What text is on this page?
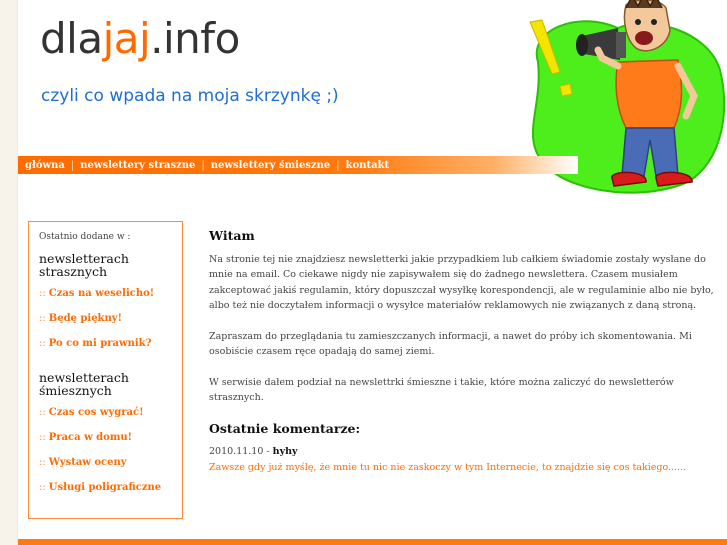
dlajaj.info
czyli co wpada na moja skrzynkę ;)
główna | newslettery straszne | newslettery śmieszne | kontakt
Ostatnio dodane w :
newsletterach strasznych
:: Czas na weselicho!
:: Będę piękny!
:: Po co mi prawnik?
newsletterach śmiesznych
:: Czas cos wygrać!
:: Praca w domu!
:: Wystaw oceny
:: Usługi poligraficzne
Witam

Na stronie tej nie znajdziesz newsletterki jakie przypadkiem lub całkiem świadomie zostały wysłane do mnie na email. Co ciekawe nigdy nie zapisywałem się do żadnego newslettera. Czasem musiałem zakceptować jakiś regulamin, który dopuszczał wysyłkę korespondencji, ale w regulaminie albo nie było, albo też nie doczytałem informacji o wysyłce materiałów reklamowych nie związanych z daną stroną.

Zapraszam do przeglądania tu zamieszczanych informacji, a nawet do próby ich skomentowania. Mi osobiście czasem ręce opadają do samej ziemi.

W serwisie dałem podział na newslettrki śmieszne i takie, które można zaliczyć do newsletterów strasznych.

Ostatnie komentarze:
2010.11.10 - hyhy
Zawsze gdy już myślę, że mnie tu nic nie zaskoczy w tym Internecie, to znajdzie się cos takiego......
